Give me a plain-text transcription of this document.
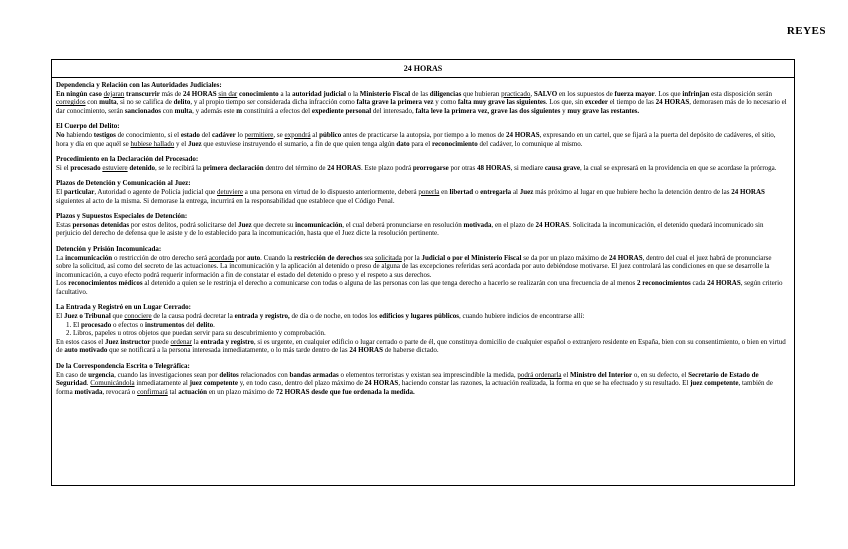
REYES
24 HORAS
Dependencia y Relación con las Autoridades Judiciales:
En ningún caso dejaran transcurrir más de 24 HORAS sin dar conocimiento a la autoridad judicial o la Ministerio Fiscal de las diligencias que hubieran practicado, SALVO en los supuestos de fuerza mayor. Los que infrinjan esta disposición serán corregidos con multa, si no se califica de delito, y al propio tiempo ser considerada dicha infracción como falta grave la primera vez y como falta muy grave las siguientes. Los que, sin exceder el tiempo de las 24 HORAS, demorasen más de lo necesario el dar conocimiento, serán sancionados con multa, y además este m constituirá a efectos del expediente personal del interesado, falta leve la primera vez, grave las dos siguientes y muy grave las restantes.
El Cuerpo del Delito:
No habiendo testigos de conocimiento, si el estado del cadáver lo permitiere, se expondrá al público antes de practicarse la autopsia, por tiempo a lo menos de 24 HORAS, expresando en un cartel, que se fijará a la puerta del depósito de cadáveres, el sitio, hora y día en que aquél se hubiese hallado y el Juez que estuviese instruyendo el sumario, a fin de que quien tenga algún dato para el reconocimiento del cadáver, lo comunique al mismo.
Procedimiento en la Declaración del Procesado:
Si el procesado estuviere detenido, se le recibirá la primera declaración dentro del término de 24 HORAS. Este plazo podrá prorrogarse por otras 48 HORAS, si mediare causa grave, la cual se expresará en la providencia en que se acordase la prórroga.
Plazos de Detención y Comunicación al Juez:
El particular, Autoridad o agente de Policía judicial que detuviere a una persona en virtud de lo dispuesto anteriormente, deberá ponerla en libertad o entregarla al Juez más próximo al lugar en que hubiere hecho la detención dentro de las 24 HORAS siguientes al acto de la misma. Si demorase la entrega, incurrirá en la responsabilidad que establece que el Código Penal.
Plazos y Supuestos Especiales de Detención:
Estas personas detenidas por estos delitos, podrá solicitarse del Juez que decrete su incomunicación, el cual deberá pronunciarse en resolución motivada, en el plazo de 24 HORAS. Solicitada la incomunicación, el detenido quedará incomunicado sin perjuicio del derecho de defensa que le asiste y de lo establecido para la incomunicación, hasta que el Juez dicte la resolución pertinente.
Detención y Prisión Incomunicada:
La incomunicación o restricción de otro derecho será acordada por auto. Cuando la restricción de derechos sea solicitada por la Judicial o por el Ministerio Fiscal se da por un plazo máximo de 24 HORAS, dentro del cual el juez habrá de pronunciarse sobre la solicitud, así como del secreto de las actuaciones. La incomunicación y la aplicación al detenido o preso de alguna de las excepciones referidas será acordada por auto debiéndose motivarse. El juez controlará las condiciones en que se desarrolle la incomunicación, a cuyo efecto podrá requerir información a fin de constatar el estado del detenido o preso y el respeto a sus derechos.
Los reconocimientos médicos al detenido a quien se le restrinja el derecho a comunicarse con todas o alguna de las personas con las que tenga derecho a hacerlo se realizarán con una frecuencia de al menos 2 reconocimientos cada 24 HORAS, según criterio facultativo.
La Entrada y Registró en un Lugar Cerrado:
El Juez o Tribunal que conociere de la causa podrá decretar la entrada y registro, de día o de noche, en todos los edificios y lugares públicos, cuando hubiere indicios de encontrarse allí:
1. El procesado o efectos o instrumentos del delito.
2. Libros, papeles u otros objetos que puedan servir para su descubrimiento y comprobación.
En estos casos el Juez instructor puede ordenar la entrada y registro, si es urgente, en cualquier edificio o lugar cerrado o parte de él, que constituya domicilio de cualquier español o extranjero residente en España, bien con su consentimiento, o bien en virtud de auto motivado que se notificará a la persona interesada inmediatamente, o lo más tarde dentro de las 24 HORAS de haberse dictado.
De la Correspondencia Escrita o Telegráfica:
En caso de urgencia, cuando las investigaciones sean por delitos relacionados con bandas armadas o elementos terroristas y existan sea imprescindible la medida, podrá ordenarla el Ministro del Interior o, en su defecto, el Secretario de Estado de Seguridad. Comunicándola inmediatamente al juez competente y, en todo caso, dentro del plazo máximo de 24 HORAS, haciendo constar las razones, la actuación realizada, la forma en que se ha efectuado y su resultado. El juez competente, también de forma motivada, revocará o confirmará tal actuación en un plazo máximo de 72 HORAS desde que fue ordenada la medida.
